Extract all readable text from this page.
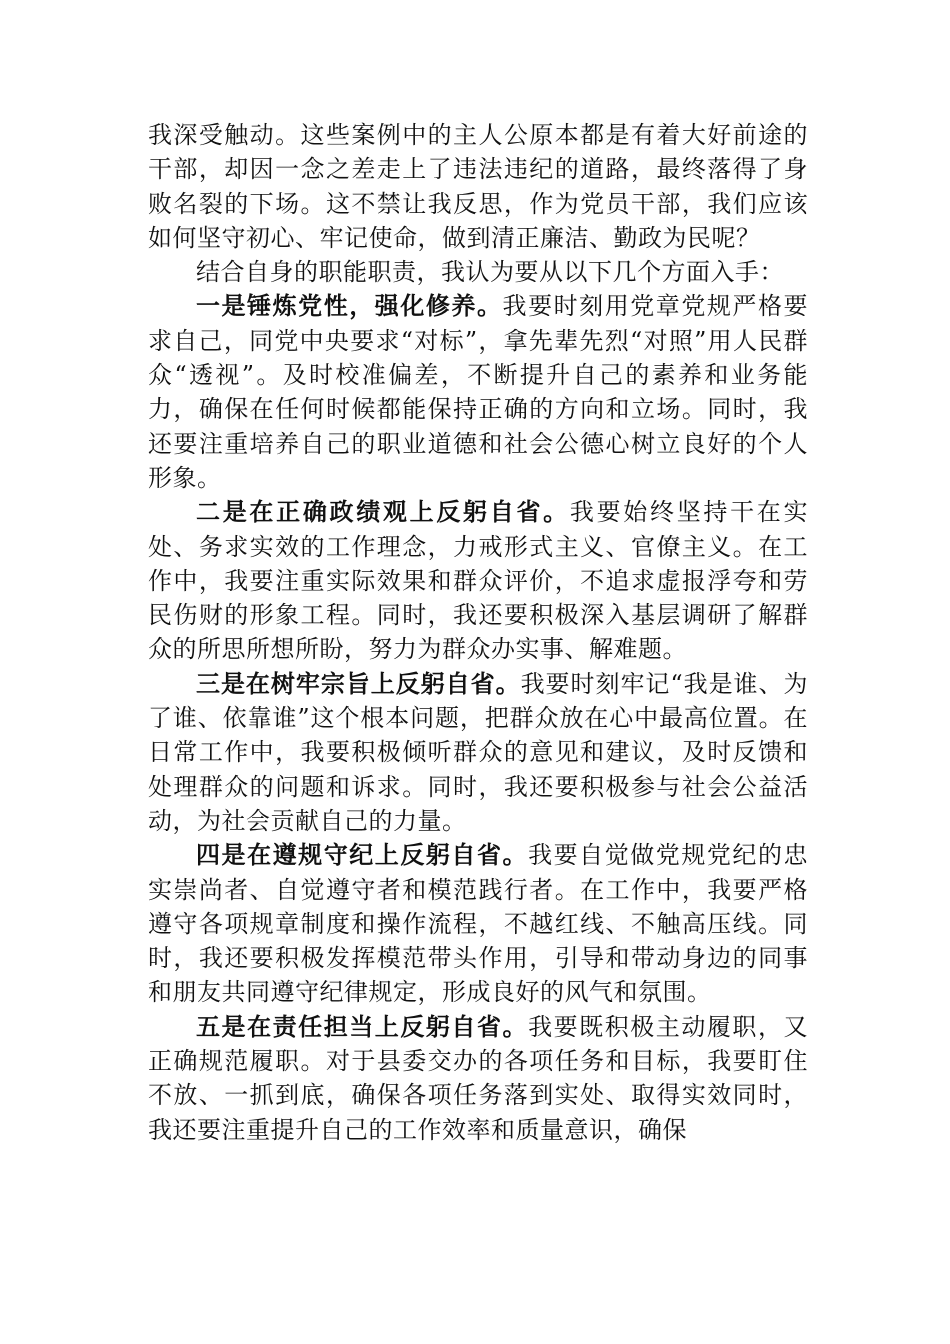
我深受触动。这些案例中的主人公原本都是有着大好前途的干部，却因一念之差走上了违法违纪的道路，最终落得了身败名裂的下场。这不禁让我反思，作为党员干部，我们应该如何坚守初心、牢记使命，做到清正廉洁、勤政为民呢？

结合自身的职能职责，我认为要从以下几个方面入手：

一是锤炼党性，强化修养。我要时刻用党章党规严格要求自己，同党中央要求“对标”，拿先辈先烈“对照”用人民群众“透视”。及时校准偏差，不断提升自己的素养和业务能力，确保在任何时候都能保持正确的方向和立场。同时，我还要注重培养自己的职业道德和社会公德心树立良好的个人形象。

二是在正确政绩观上反躬自省。我要始终坚持干在实处、务求实效的工作理念，力戒形式主义、官僚主义。在工作中，我要注重实际效果和群众评价，不追求虚报浮夸和劳民伤财的形象工程。同时，我还要积极深入基层调研了解群众的所思所想所盼，努力为群众办实事、解难题。

三是在树牢宗旨上反躬自省。我要时刻牢记“我是谁、为了谁、依靠谁”这个根本问题，把群众放在心中最高位置。在日常工作中，我要积极倾听群众的意见和建议，及时反馈和处理群众的问题和诉求。同时，我还要积极参与社会公益活动，为社会贡献自己的力量。

四是在遵规守纪上反躬自省。我要自觉做党规党纪的忠实崇尚者、自觉遵守者和模范践行者。在工作中，我要严格遵守各项规章制度和操作流程，不越红线、不触高压线。同时，我还要积极发挥模范带头作用，引导和带动身边的同事和朋友共同遵守纪律规定，形成良好的风气和氛围。

五是在责任担当上反躬自省。我要既积极主动履职，又正确规范履职。对于县委交办的各项任务和目标，我要盯住不放、一抓到底，确保各项任务落到实处、取得实效同时，我还要注重提升自己的工作效率和质量意识，确保
